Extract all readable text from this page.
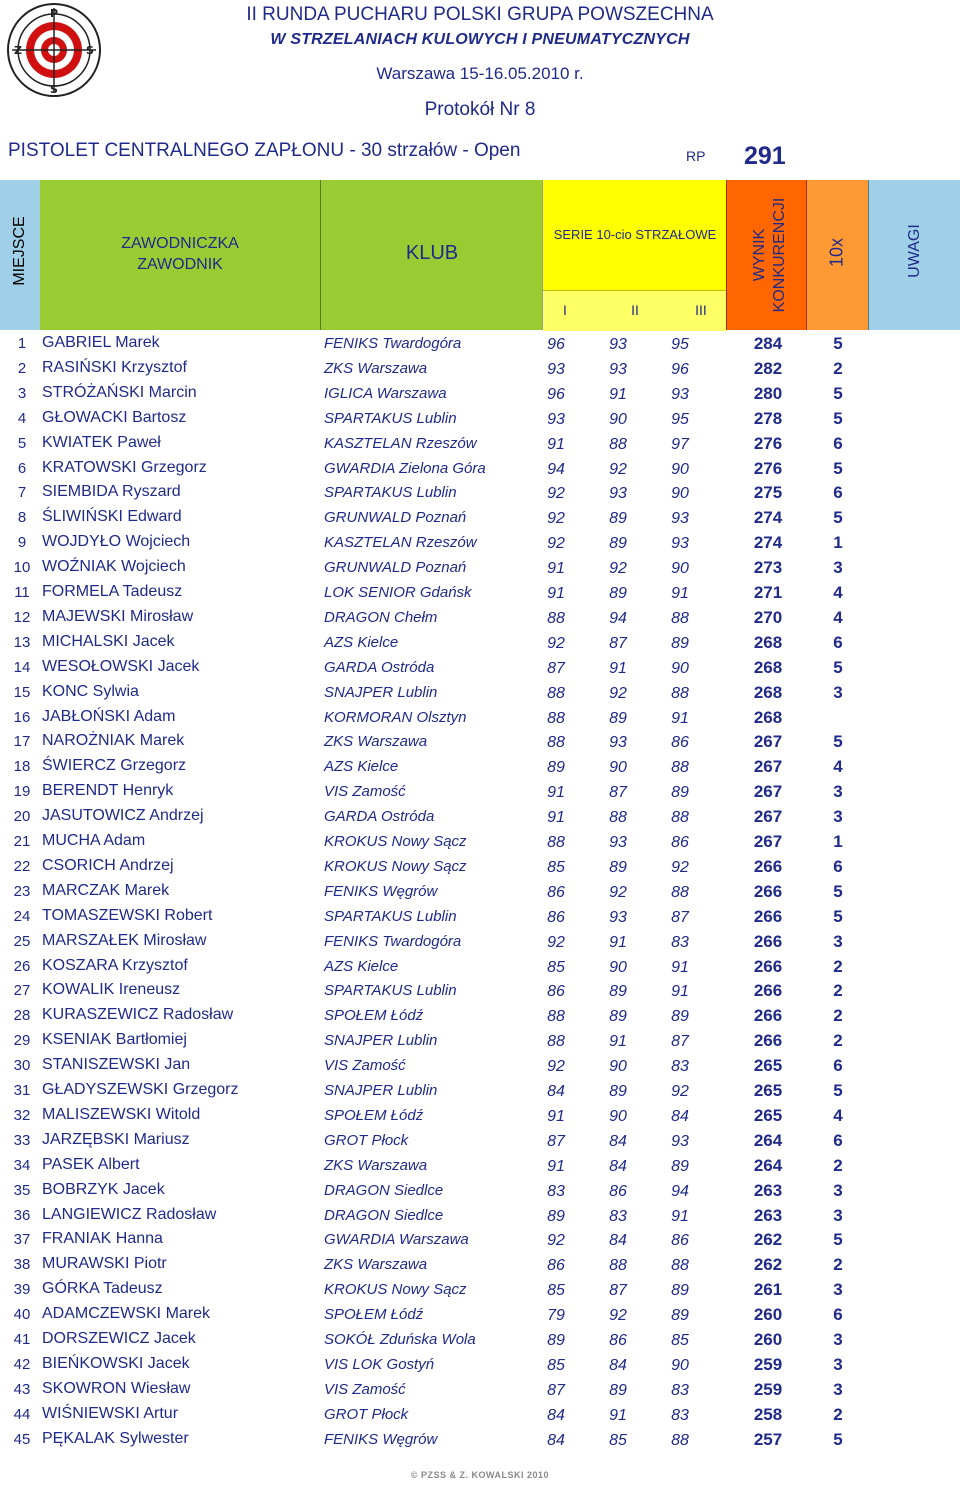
P
Z	S
S
II RUNDA PUCHARU POLSKI GRUPA POWSZECHNA
W STRZELANIACH KULOWYCH I PNEUMATYCZNYCH
Warszawa 15-16.05.2010 r.
Protokół Nr 8
PISTOLET CENTRALNEGO ZAPŁONU - 30 strzałów - Open	RP 291
MIEJSCE	ZAWODNICZKA
ZAWODNIK
KLUB
SERIE 10-cio STRZAŁOWE
I	II	III
WYNIK KONKURENCJI 10x	UWAGI
1 GABRIEL Marek	FENIKS Twardogóra	96	93	95	284	5
2 RASIŃSKI Krzysztof	ZKS Warszawa	93	93	96	282	2
3 STRÓŻAŃSKI Marcin	IGLICA Warszawa	96	91	93	280	5
4 GŁOWACKI Bartosz	SPARTAKUS Lublin	93	90	95	278	5
5 KWIATEK Paweł	KASZTELAN Rzeszów	91	88	97	276	6
6 KRATOWSKI Grzegorz	GWARDIA Zielona Góra	94	92	90	276	5
7 SIEMBIDA Ryszard	SPARTAKUS Lublin	92	93	90	275	6
8 ŚLIWIŃSKI Edward	GRUNWALD Poznań	92	89	93	274	5
9 WOJDYŁO Wojciech	KASZTELAN Rzeszów	92	89	93	274	1
10 WOŹNIAK Wojciech	GRUNWALD Poznań	91	92	90	273	3
11 FORMELA Tadeusz	LOK SENIOR Gdańsk	91	89	91	271	4
12 MAJEWSKI Mirosław	DRAGON Chełm	88	94	88	270	4
13 MICHALSKI Jacek	AZS Kielce	92	87	89	268	6
14 WESOŁOWSKI Jacek	GARDA Ostróda	87	91	90	268	5
15 KONC Sylwia	SNAJPER Lublin	88	92	88	268	3
16 JABŁOŃSKI Adam	KORMORAN Olsztyn	88	89	91	268
17 NAROŻNIAK Marek	ZKS Warszawa	88	93	86	267	5
18 ŚWIERCZ Grzegorz	AZS Kielce	89	90	88	267	4
19 BERENDT Henryk	VIS Zamość	91	87	89	267	3
20 JASUTOWICZ Andrzej	GARDA Ostróda	91	88	88	267	3
21 MUCHA Adam	KROKUS Nowy Sącz	88	93	86	267	1
22 CSORICH Andrzej	KROKUS Nowy Sącz	85	89	92	266	6
23 MARCZAK Marek	FENIKS Węgrów	86	92	88	266	5
24 TOMASZEWSKI Robert	SPARTAKUS Lublin	86	93	87	266	5
25 MARSZAŁEK Mirosław	FENIKS Twardogóra	92	91	83	266	3
26 KOSZARA Krzysztof	AZS Kielce	85	90	91	266	2
27 KOWALIK Ireneusz	SPARTAKUS Lublin	86	89	91	266	2
28 KURASZEWICZ Radosław	SPOŁEM Łódź	88	89	89	266	2
29 KSENIAK Bartłomiej	SNAJPER Lublin	88	91	87	266	2
30 STANISZEWSKI Jan	VIS Zamość	92	90	83	265	6
31 GŁADYSZEWSKI Grzegorz	SNAJPER Lublin	84	89	92	265	5
32 MALISZEWSKI Witold	SPOŁEM Łódź	91	90	84	265	4
33 JARZĘBSKI Mariusz	GROT Płock	87	84	93	264	6
34 PASEK Albert	ZKS Warszawa	91	84	89	264	2
35 BOBRZYK Jacek	DRAGON Siedlce	83	86	94	263	3
36 LANGIEWICZ Radosław	DRAGON Siedlce	89	83	91	263	3
37 FRANIAK Hanna	GWARDIA Warszawa	92	84	86	262	5
38 MURAWSKI Piotr	ZKS Warszawa	86	88	88	262	2
39 GÓRKA Tadeusz	KROKUS Nowy Sącz	85	87	89	261	3
40 ADAMCZEWSKI Marek	SPOŁEM Łódź	79	92	89	260	6
41 DORSZEWICZ Jacek	SOKÓŁ Zduńska Wola	89	86	85	260	3
42 BIEŃKOWSKI Jacek	VIS LOK Gostyń	85	84	90	259	3
43 SKOWRON Wiesław	VIS Zamość	87	89	83	259	3
44 WIŚNIEWSKI Artur	GROT Płock	84	91	83	258	2
45 PĘKALAK Sylwester	FENIKS Węgrów	84	85	88	257	5
© PZSS & Z. KOWALSKI 2010
